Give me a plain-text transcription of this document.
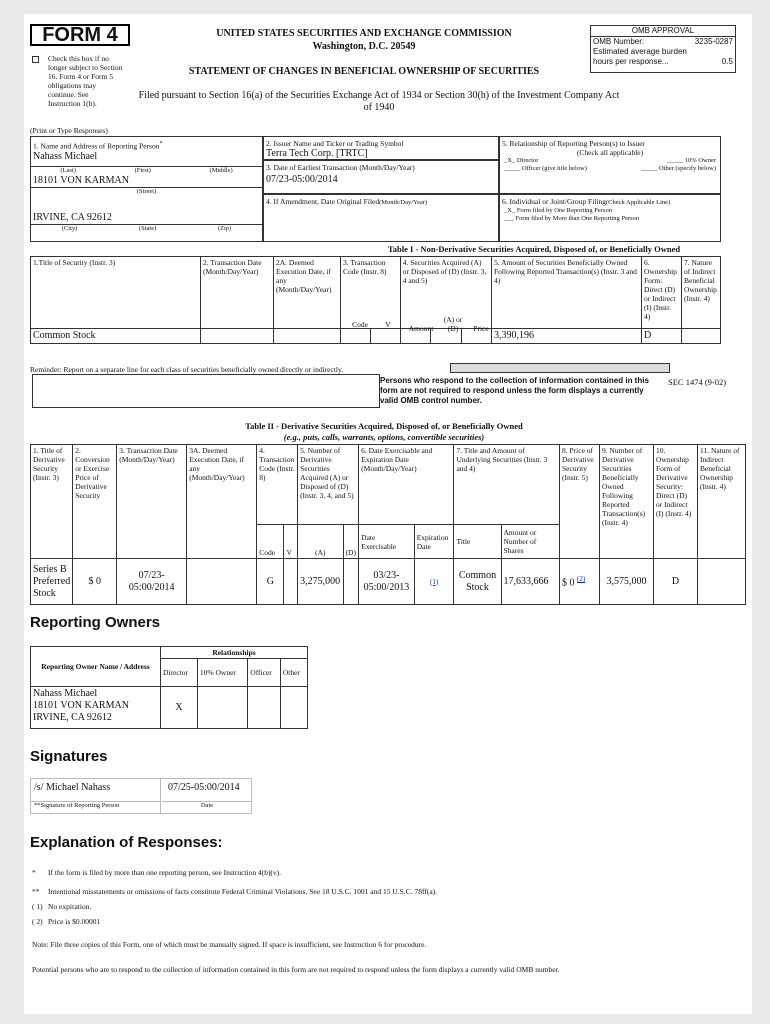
FORM 4
Check this box if no
longer subject to Section
16. Form 4 or Form 5
obligations may
continue. See
Instruction 1(b).
UNITED STATES SECURITIES AND EXCHANGE COMMISSION
Washington, D.C. 20549
STATEMENT OF CHANGES IN BENEFICIAL OWNERSHIP OF SECURITIES
Filed pursuant to Section 16(a) of the Securities Exchange Act of 1934 or Section 30(h) of the Investment Company Act of 1940
OMB APPROVAL
OMB Number:	3235-0287
Estimated average burden
hours per response...	0.5
(Print or Type Responses)
1. Name and Address of Reporting Person*
Nahass Michael
(Last)	(First)	(Middle)
18101 VON KARMAN
(Street)
IRVINE, CA 92612
(City)	(State)	(Zip)
2. Issuer Name and Ticker or Trading Symbol
Terra Tech Corp. [TRTC]
3. Date of Earliest Transaction (Month/Day/Year)
07/23-05:00/2014
4. If Amendment, Date Original Filed(Month/Day/Year)
5. Relationship of Reporting Person(s) to Issuer
(Check all applicable)
_X_ Director	_____ 10% Owner
_____ Officer (give title below)	_____ Other (specify below)
6. Individual or Joint/Group Filing(Check Applicable Line)
_X_ Form filed by One Reporting Person
___ Form filed by More than One Reporting Person
Table I - Non-Derivative Securities Acquired, Disposed of, or Beneficially Owned
1.Title of Security (Instr. 3)	2. Transaction Date (Month/Day/Year)	2A. Deemed Execution Date, if any (Month/Day/Year)	3. Transaction Code (Instr. 8)		4. Securities Acquired (A) or Disposed of (D) (Instr. 3, 4 and 5)			5. Amount of Securities Beneficially Owned Following Reported Transaction(s) (Instr. 3 and 4)	6. Ownership Form: Direct (D) or Indirect (I) (Instr. 4)	7. Nature of Indirect Beneficial Ownership (Instr. 4)

Common Stock								3,390,196	D	
Code	V	Amount
(A) or (D)	Price
Reminder: Report on a separate line for each class of securities beneficially owned directly or indirectly.
Persons who respond to the collection of information contained in this form are not required to respond unless the form displays a currently valid OMB control number.
SEC 1474 (9-02)
Table II - Derivative Securities Acquired, Disposed of, or Beneficially Owned
(e.g., puts, calls, warrants, options, convertible securities)
1. Title of Derivative Security (Instr. 3)	2. Conversion or Exercise Price of Derivative Security	3. Transaction Date (Month/Day/Year)	3A. Deemed Execution Date, if any (Month/Day/Year)	4. Transaction Code (Instr. 8)		5. Number of Derivative Securities Acquired (A) or Disposed of (D) (Instr. 3, 4, and 5)		6. Date Exercisable and Expiration Date (Month/Day/Year)		7. Title and Amount of Underlying Securities (Instr. 3 and 4)		8. Price of Derivative Security (Instr. 5)	9. Number of Derivative Securities Beneficially Owned Following Reported Transaction(s) (Instr. 4)	10. Ownership Form of Derivative Security: Direct (D) or Indirect (I) (Instr. 4)	11. Nature of Indirect Beneficial Ownership (Instr. 4)
				Code	V	(A)	(D)	Date Exercisable	Expiration Date	Title	Amount or Number of Shares				
Series B Preferred Stock	$ 0	07/23-05:00/2014		G		3,275,000		03/23-05:00/2013	(1)	Common Stock	17,633,666	$ 0 $^{(2)}$	3,575,000	D	
Reporting Owners
Reporting Owner Name / Address	Relationships			
	Director	10% Owner	Officer	Other

Nahass Michael
18101 VON KARMAN
IRVINE, CA 92612	X			
Signatures
/s/ Michael Nahass
**Signature of Reporting Person
07/25-05:00/2014
Date
Explanation of Responses:
*	If the form is filed by more than one reporting person, see Instruction 4(b)(v).
**	Intentional misstatements or omissions of facts constitute Federal Criminal Violations. See 18 U.S.C. 1001 and 15 U.S.C. 78ff(a).
( 1) No expiration.
( 2) Price is $0.00001
Note: File three copies of this Form, one of which must be manually signed. If space is insufficient, see Instruction 6 for procedure.
Potential persons who are to respond to the collection of information contained in this form are not required to respond unless the form displays a currently valid OMB number.
